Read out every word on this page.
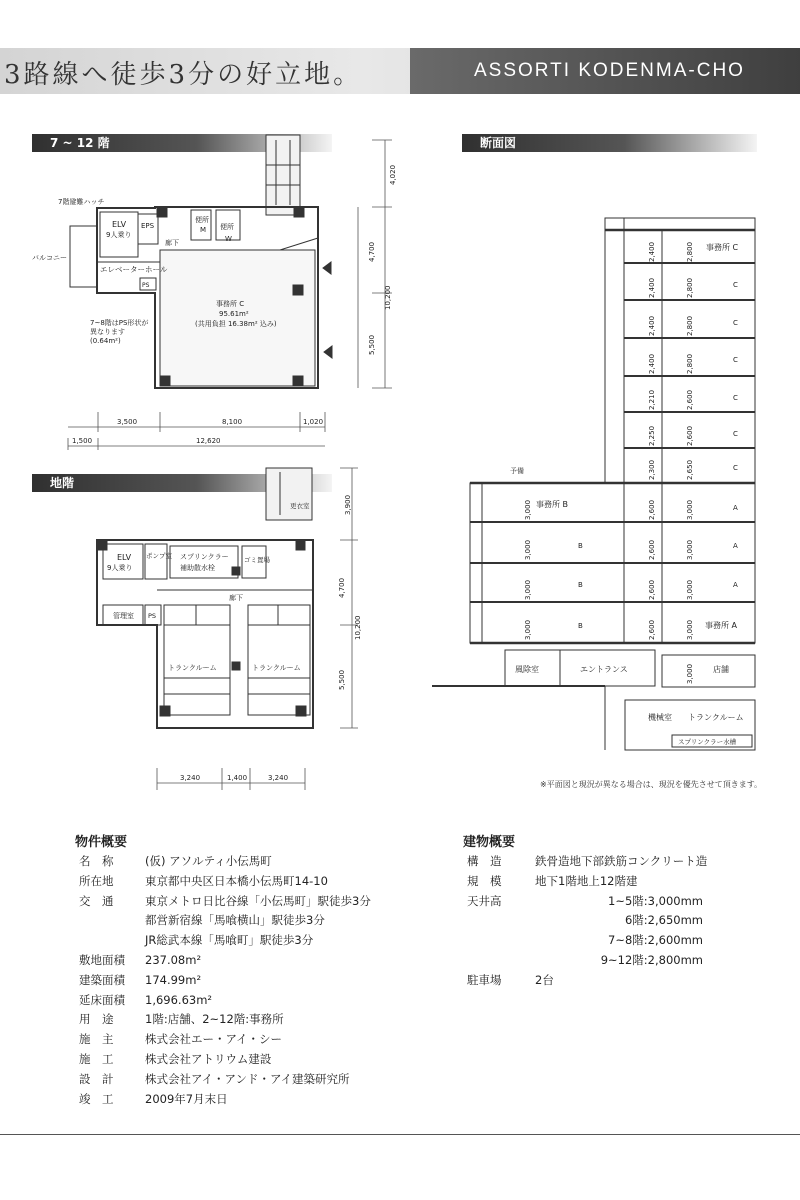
3路線へ徒歩3分の好立地。	ASSORTI KODENMA-CHO
7 ~ 12 階	断面図
地階
7階避難ハッチ
バルコニー
ELV
9人乗り
EPS
便所
M 便所
W
廊下
エレベーターホール
PS
事務所 C
95.61m²
(共用負担 16.38m² 込み)
7~8階はPS形状が
異なります
(0.64m²)
3,500	8,100	1,020
1,500	12,620
4,020
4,700
10,200
5,500
ELV
9人乗り
ポンプ室 スプリンクラー
補助散水栓
ゴミ置場
廊下
更衣室
管理室 PS
トランクルーム	トランクルーム
3,240	1,400	3,240
3,900
4,700
10,200
5,500
事務所 C
C
C
C
C
C
C
事務所 B
B
B
B
A
A
A
事務所 A
店舗
風除室	エントランス
機械室 トランクルーム
スプリンクラー水槽
予備
2,400	2,800
2,400	2,800
2,400	2,800
2,400	2,800
2,210	2,600
2,250	2,600
2,300	2,650
3,000	2,600	3,000
3,000	2,600	3,000
3,000	2,600	3,000
3,000	2,600	3,000
3,000
※平面図と現況が異なる場合は、現況を優先させて頂きます。
物件概要
名　称	(仮) アソルティ小伝馬町
所在地	東京都中央区日本橋小伝馬町14-10
交　通	東京メトロ日比谷線「小伝馬町」駅徒歩3分
都営新宿線「馬喰横山」駅徒歩3分
JR総武本線「馬喰町」駅徒歩3分
敷地面積	237.08m²
建築面積	174.99m²
延床面積	1,696.63m²
用　途	1階:店舗、2~12階:事務所
施　主	株式会社エー・アイ・シー
施　工	株式会社アトリウム建設
設　計	株式会社アイ・アンド・アイ建築研究所
竣　工	2009年7月末日
建物概要
構　造	鉄骨造地下部鉄筋コンクリート造
規　模	地下1階地上12階建
天井高	1~5階:3,000mm
6階:2,650mm
7~8階:2,600mm
9~12階:2,800mm
駐車場	2台
